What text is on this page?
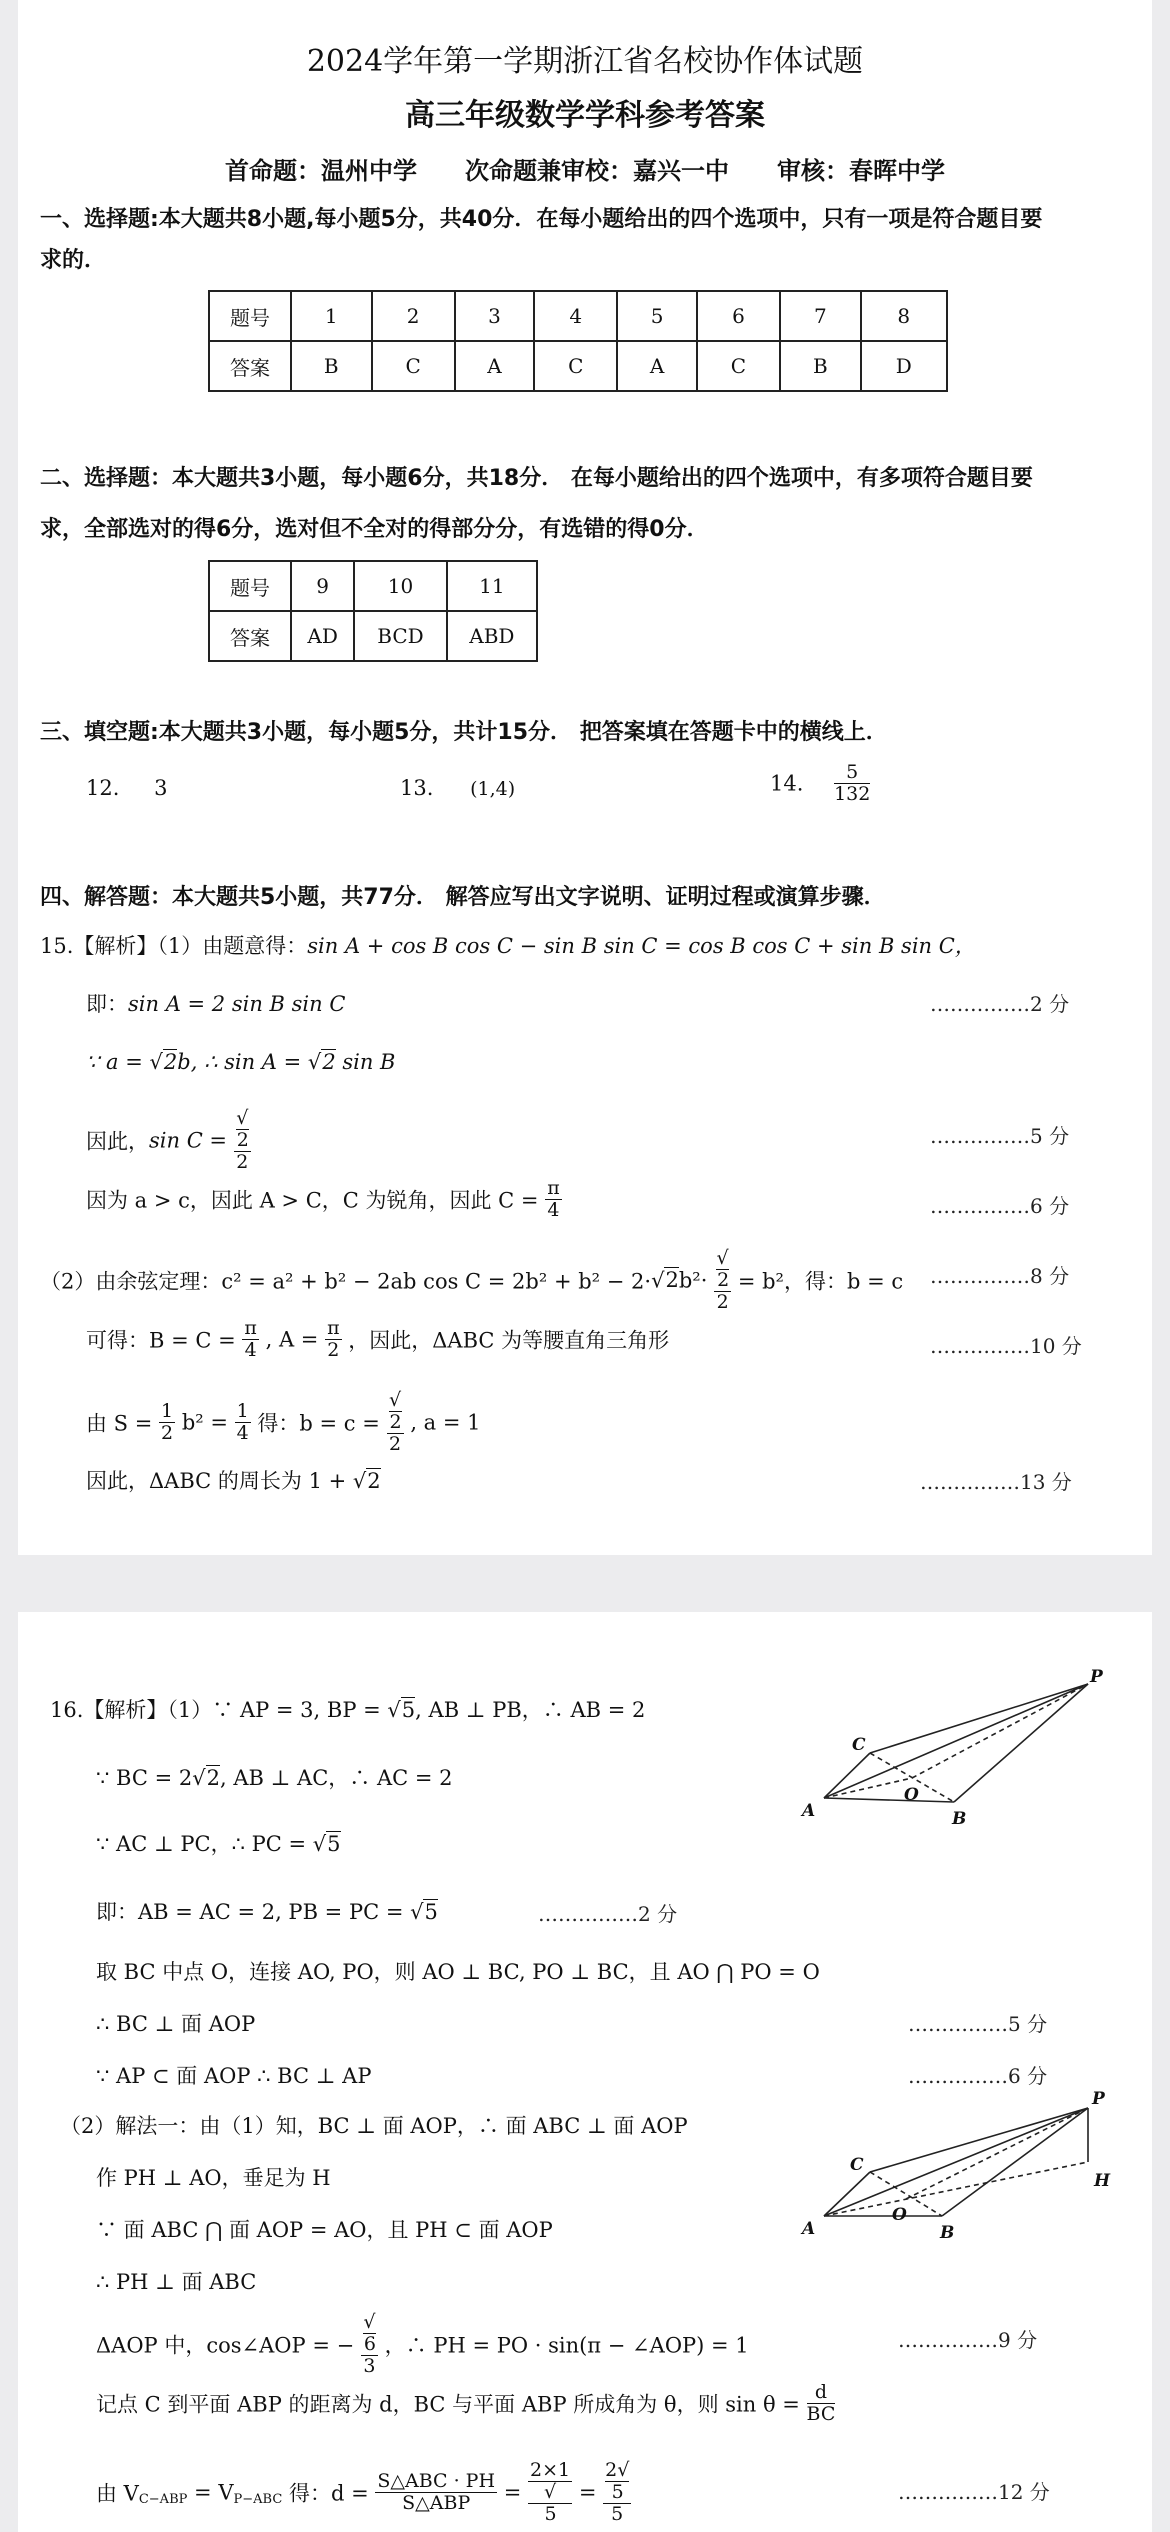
2024学年第一学期浙江省名校协作体试题
高三年级数学学科参考答案
首命题：温州中学　　次命题兼审校：嘉兴一中　　审核：春晖中学
一、选择题:本大题共8小题,每小题5分，共40分．在每小题给出的四个选项中，只有一项是符合题目要
求的．
题号	1	2	3	4	5	6	7	8
答案	B	C	A	C	A	C	B	D
二、选择题：本大题共3小题，每小题6分，共18分． 在每小题给出的四个选项中，有多项符合题目要
求，全部选对的得6分，选对但不全对的得部分分，有选错的得0分．
题号	9	10	11
答案	AD	BCD	ABD
三、填空题:本大题共3小题，每小题5分，共计15分． 把答案填在答题卡中的横线上．
12. 3	13. (1,4)	14. $\frac{5}{132}$
四、解答题：本大题共5小题，共77分． 解答应写出文字说明、证明过程或演算步骤．
15.【解析】（1）由题意得：sin A + cos B cos C − sin B sin C = cos B cos C + sin B sin C，
即：sin A = 2 sin B sin C	……………2 分
∵ a = √2b, ∴ sin A = √2 sin B
因此，sin C = √
2
2	……………5 分
因为 a > c，因此 A > C，C 为锐角，因此 $C = \frac{\pi}{4}$	……………6 分
（2）由余弦定理：c² = a² + b² − 2ab cos C = 2b² + b² − 2·√2b²· √
2
2 = b²，得：b = c ……………8 分
可得：$B = C = \frac{\pi}{4}$ , $A = \frac{\pi}{2}$ ，因此，ΔABC 为等腰直角三角形	……………10 分
由 $S = \frac{1}{2} b^2 = \frac{1}{4}$ 得：b = c = √
2
2 , a = 1
因此，ΔABC 的周长为 1 + √2	……………13 分
16.【解析】（1）∵ AP = 3, BP = √5, AB ⊥ PB，∴ AB = 2
∵ BC = 2√2, AB ⊥ AC，∴ AC = 2
∵ AC ⊥ PC，∴ PC = √5
即：AB = AC = 2, PB = PC = √5	……………2 分
取 BC 中点 O，连接 AO, PO，则 AO ⊥ BC, PO ⊥ BC，且 AO ⋂ PO = O
∴ BC ⊥ 面 AOP	……………5 分
∵ AP ⊂ 面 AOP ∴ BC ⊥ AP	……………6 分
（2）解法一：由（1）知，BC ⊥ 面 AOP，∴ 面 ABC ⊥ 面 AOP
作 PH ⊥ AO，垂足为 H
∵ 面 ABC ⋂ 面 AOP = AO，且 PH ⊂ 面 AOP
∴ PH ⊥ 面 ABC
ΔAOP 中，cos∠AOP = − √
6
3 ，∴ PH = PO · sin(π − ∠AOP) = 1	……………9 分
记点 C 到平面 ABP 的距离为 d，BC 与平面 ABP 所成角为 θ，则 $\sin \theta = \frac{d}{BC}$
由 $V_{C-ABP} = V_{P-ABC}$ 得：$d = \frac{\text{S△ABC · PH}}{\text{S△ABP}} = 2\times 1$
√
5 = 2√
5
5	……………12 分
P
C
O
A	B
P
C
H
O
A	B
